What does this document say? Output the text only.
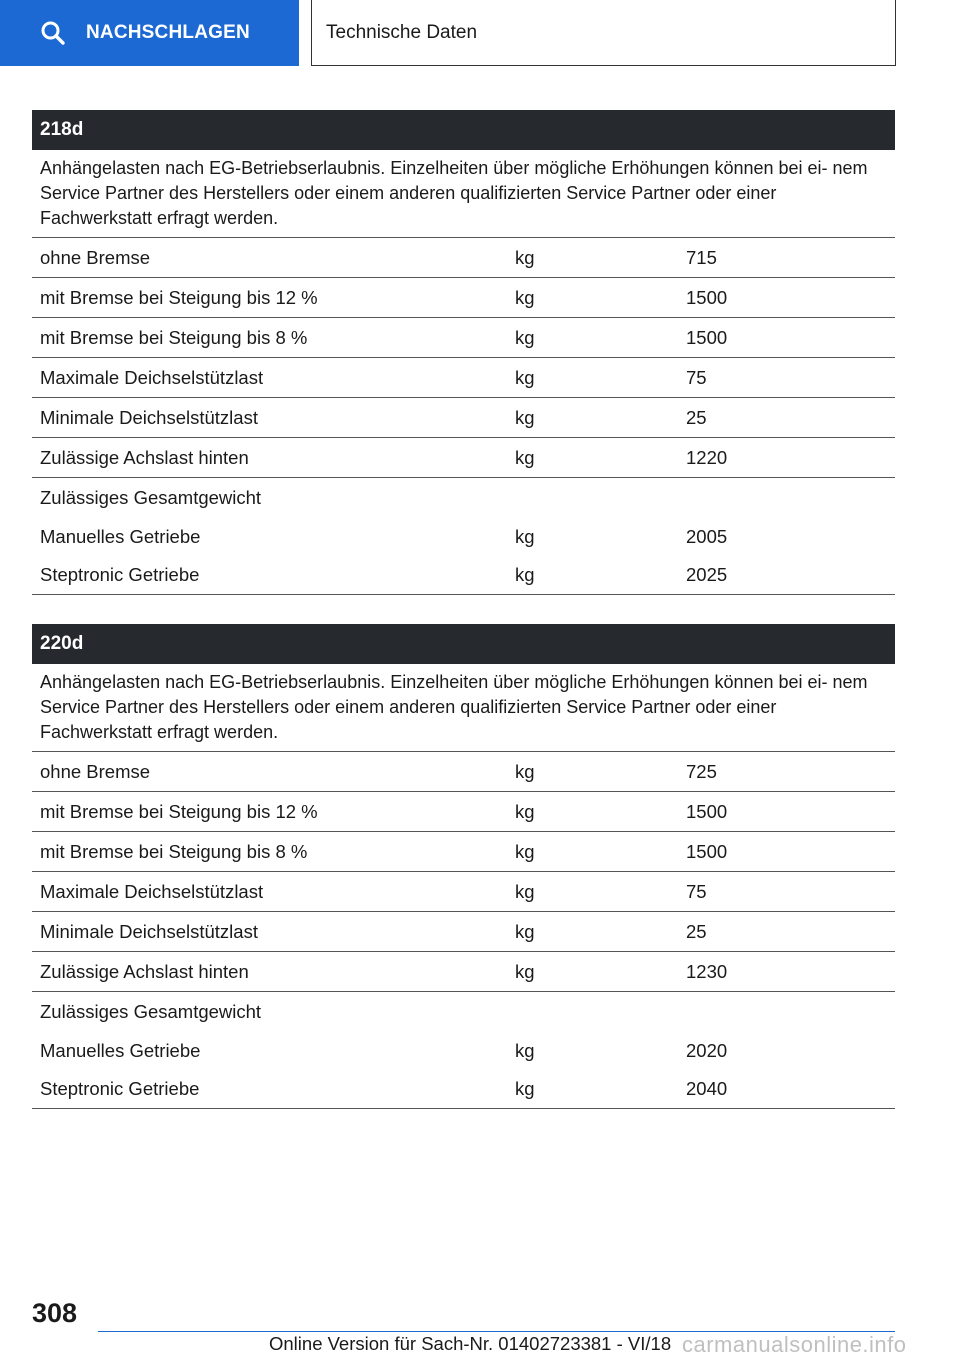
NACHSCHLAGEN	Technische Daten
218d
Anhängelasten nach EG-Betriebserlaubnis. Einzelheiten über mögliche Erhöhungen können bei ei- nem Service Partner des Herstellers oder einem anderen qualifizierten Service Partner oder einer Fachwerkstatt erfragt werden.
ohne Bremse	kg	715
mit Bremse bei Steigung bis 12 %	kg	1500
mit Bremse bei Steigung bis 8 %	kg	1500
Maximale Deichselstützlast	kg	75
Minimale Deichselstützlast	kg	25
Zulässige Achslast hinten	kg	1220
Zulässiges Gesamtgewicht
Manuelles Getriebe	kg	2005
Steptronic Getriebe	kg	2025
220d
Anhängelasten nach EG-Betriebserlaubnis. Einzelheiten über mögliche Erhöhungen können bei ei- nem Service Partner des Herstellers oder einem anderen qualifizierten Service Partner oder einer Fachwerkstatt erfragt werden.
ohne Bremse	kg	725
mit Bremse bei Steigung bis 12 %	kg	1500
mit Bremse bei Steigung bis 8 %	kg	1500
Maximale Deichselstützlast	kg	75
Minimale Deichselstützlast	kg	25
Zulässige Achslast hinten	kg	1230
Zulässiges Gesamtgewicht
Manuelles Getriebe	kg	2020
Steptronic Getriebe	kg	2040
308
Online Version für Sach-Nr. 01402723381 - VI/18 carmanualsonline.info
